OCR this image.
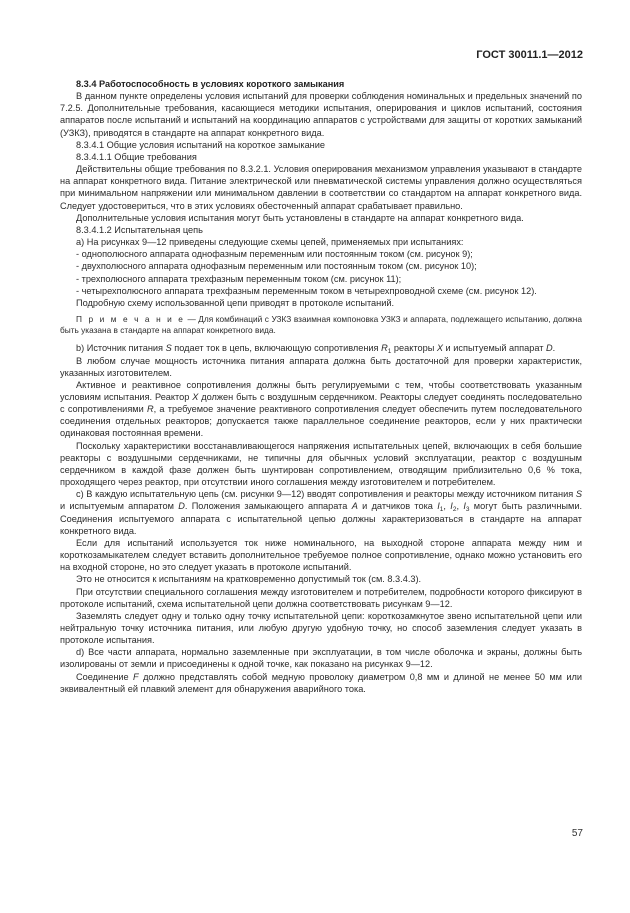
ГОСТ 30011.1—2012

8.3.4 Работоспособность в условиях короткого замыкания

В данном пункте определены условия испытаний для проверки соблюдения номинальных и предельных значений по 7.2.5. Дополнительные требования, касающиеся методики испытания, оперирования и циклов испытаний, состояния аппаратов после испытаний и испытаний на координацию аппаратов с устройствами для защиты от коротких замыканий (УЗКЗ), приводятся в стандарте на аппарат конкретного вида.

8.3.4.1 Общие условия испытаний на короткое замыкание

8.3.4.1.1 Общие требования

Действительны общие требования по 8.3.2.1. Условия оперирования механизмом управления указывают в стандарте на аппарат конкретного вида. Питание электрической или пневматической системы управления должно осуществляться при минимальном напряжении или минимальном давлении в соответствии со стандартом на аппарат конкретного вида. Следует удостовериться, что в этих условиях обесточенный аппарат срабатывает правильно.

Дополнительные условия испытания могут быть установлены в стандарте на аппарат конкретного вида.

8.3.4.1.2 Испытательная цепь

а) На рисунках 9—12 приведены следующие схемы цепей, применяемых при испытаниях:

- однополюсного аппарата однофазным переменным или постоянным током (см. рисунок 9);

- двухполюсного аппарата однофазным переменным или постоянным током (см. рисунок 10);

- трехполюсного аппарата трехфазным переменным током (см. рисунок 11);

- четырехполюсного аппарата трехфазным переменным током в четырехпроводной схеме (см. рисунок 12).

Подробную схему использованной цепи приводят в протоколе испытаний.

П р и м е ч а н и е — Для комбинаций с УЗКЗ взаимная компоновка УЗКЗ и аппарата, подлежащего испытанию, должна быть указана в стандарте на аппарат конкретного вида.

b) Источник питания S подает ток в цепь, включающую сопротивления $R_1$ реакторы X и испытуемый аппарат D.

В любом случае мощность источника питания аппарата должна быть достаточной для проверки характеристик, указанных изготовителем.

Активное и реактивное сопротивления должны быть регулируемыми с тем, чтобы соответствовать указанным условиям испытания. Реактор X должен быть с воздушным сердечником. Реакторы следует соединять последовательно с сопротивлениями R, а требуемое значение реактивного сопротивления следует обеспечить путем последовательного соединения отдельных реакторов; допускается также параллельное соединение реакторов, если у них практически одинаковая постоянная времени.

Поскольку характеристики восстанавливающегося напряжения испытательных цепей, включающих в себя большие реакторы с воздушными сердечниками, не типичны для обычных условий эксплуатации, реактор с воздушным сердечником в каждой фазе должен быть шунтирован сопротивлением, отводящим приблизительно 0,6 % тока, проходящего через реактор, при отсутствии иного соглашения между изготовителем и потребителем.

с) В каждую испытательную цепь (см. рисунки 9—12) вводят сопротивления и реакторы между источником питания S и испытуемым аппаратом D. Положения замыкающего аппарата A и датчиков тока $I_1$, $I_2$, $I_3$ могут быть различными. Соединения испытуемого аппарата с испытательной цепью должны характеризоваться в стандарте на аппарат конкретного вида.

Если для испытаний используется ток ниже номинального, на выходной стороне аппарата между ним и короткозамыкателем следует вставить дополнительное требуемое полное сопротивление, однако можно установить его на входной стороне, но это следует указать в протоколе испытаний.

Это не относится к испытаниям на кратковременно допустимый ток (см. 8.3.4.3).

При отсутствии специального соглашения между изготовителем и потребителем, подробности которого фиксируют в протоколе испытаний, схема испытательной цепи должна соответствовать рисункам 9—12.

Заземлять следует одну и только одну точку испытательной цепи: короткозамкнутое звено испытательной цепи или нейтральную точку источника питания, или любую другую удобную точку, но способ заземления следует указать в протоколе испытания.

d) Все части аппарата, нормально заземленные при эксплуатации, в том числе оболочка и экраны, должны быть изолированы от земли и присоединены к одной точке, как показано на рисунках 9—12.

Соединение F должно представлять собой медную проволоку диаметром 0,8 мм и длиной не менее 50 мм или эквивалентный ей плавкий элемент для обнаружения аварийного тока.

57
